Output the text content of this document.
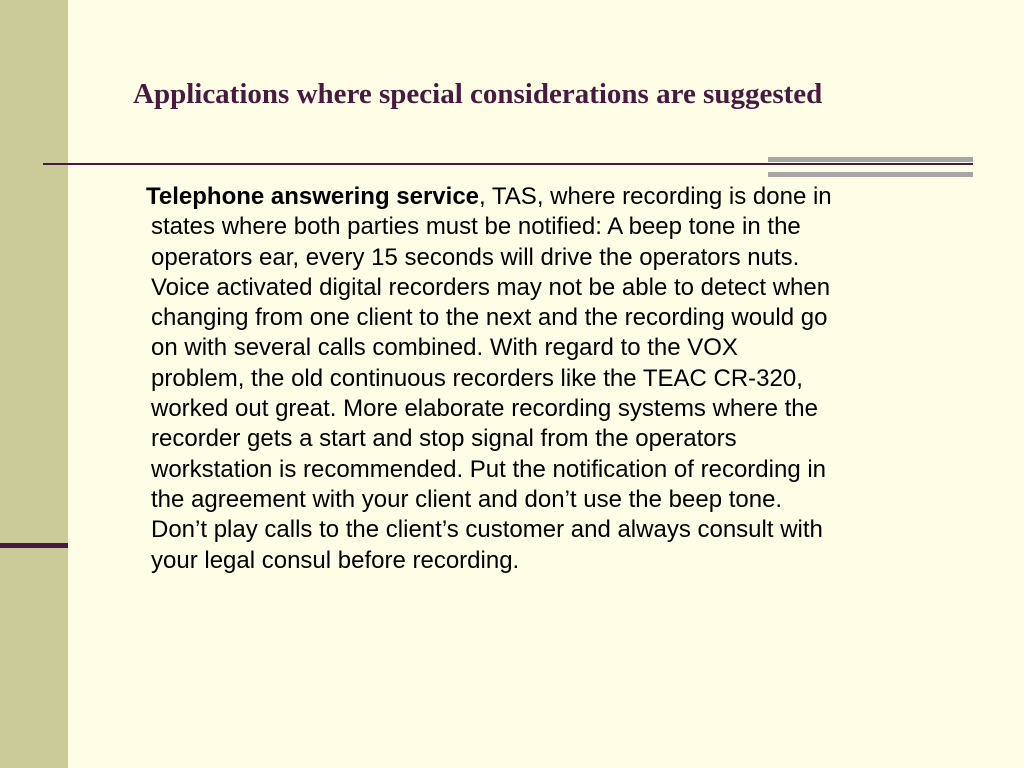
Applications where special considerations are suggested
Telephone answering service, TAS, where recording is done in
states where both parties must be notified: A beep tone in the
operators ear, every 15 seconds will drive the operators nuts.
Voice activated digital recorders may not be able to detect when
changing from one client to the next and the recording would go
on with several calls combined. With regard to the VOX
problem, the old continuous recorders like the TEAC CR-320,
worked out great. More elaborate recording systems where the
recorder gets a start and stop signal from the operators
workstation is recommended. Put the notification of recording in
the agreement with your client and don’t use the beep tone.
Don’t play calls to the client’s customer and always consult with
your legal consul before recording.
